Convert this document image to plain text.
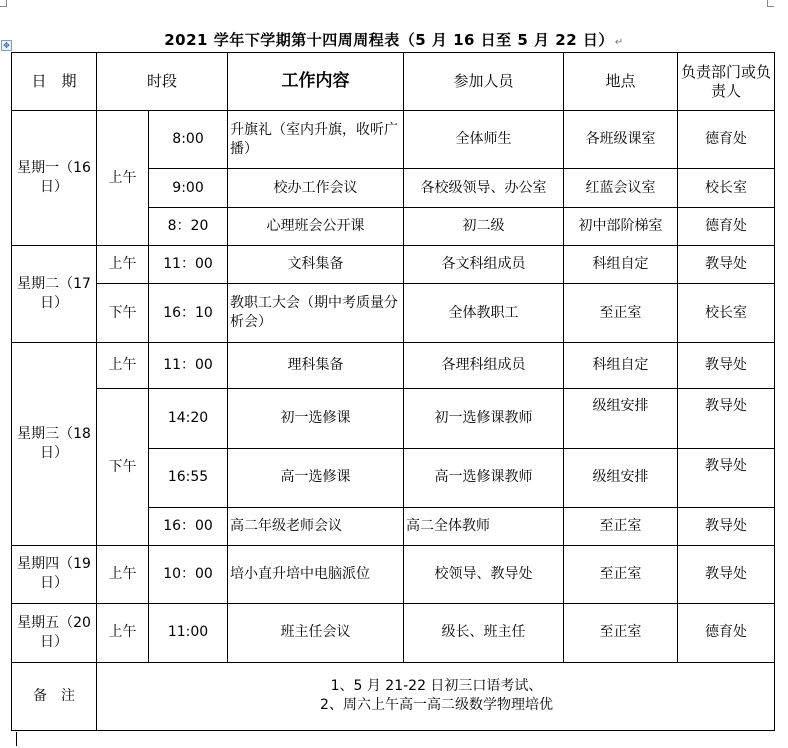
✥	2021 学年下学期第十四周周程表（5 月 16 日至 5 月 22 日）↵
日　期	时段		工作内容	参加人员	地点	负责部门或负责人
星期一（16 日）	上午	8:00	升旗礼（室内升旗，收听广播）	全体师生	各班级课室	德育处
		9:00	校办工作会议	各校级领导、办公室	红蓝会议室	校长室
		8：20	心理班会公开课	初二级	初中部阶梯室	德育处
星期二（17 日）	上午	11：00	文科集备	各文科组成员	科组自定	教导处
	下午	16：10	教职工大会（期中考质量分析会）	全体教职工	至正室	校长室
星期三（18 日）	上午	11：00	理科集备	各理科组成员	科组自定	教导处
	下午	14:20	初一选修课	初一选修课教师	级组安排	教导处
		16:55	高一选修课	高一选修课教师	级组安排	教导处
		16：00	高二年级老师会议	高二全体教师	至正室	教导处
星期四（19 日）	上午	10：00	培小直升培中电脑派位	校领导、教导处	至正室	教导处
星期五（20 日）	上午	11:00	班主任会议	级长、班主任	至正室	德育处
备　注	1、5 月 21-22 日初三口语考试、
2、周六上午高一高二级数学物理培优					
